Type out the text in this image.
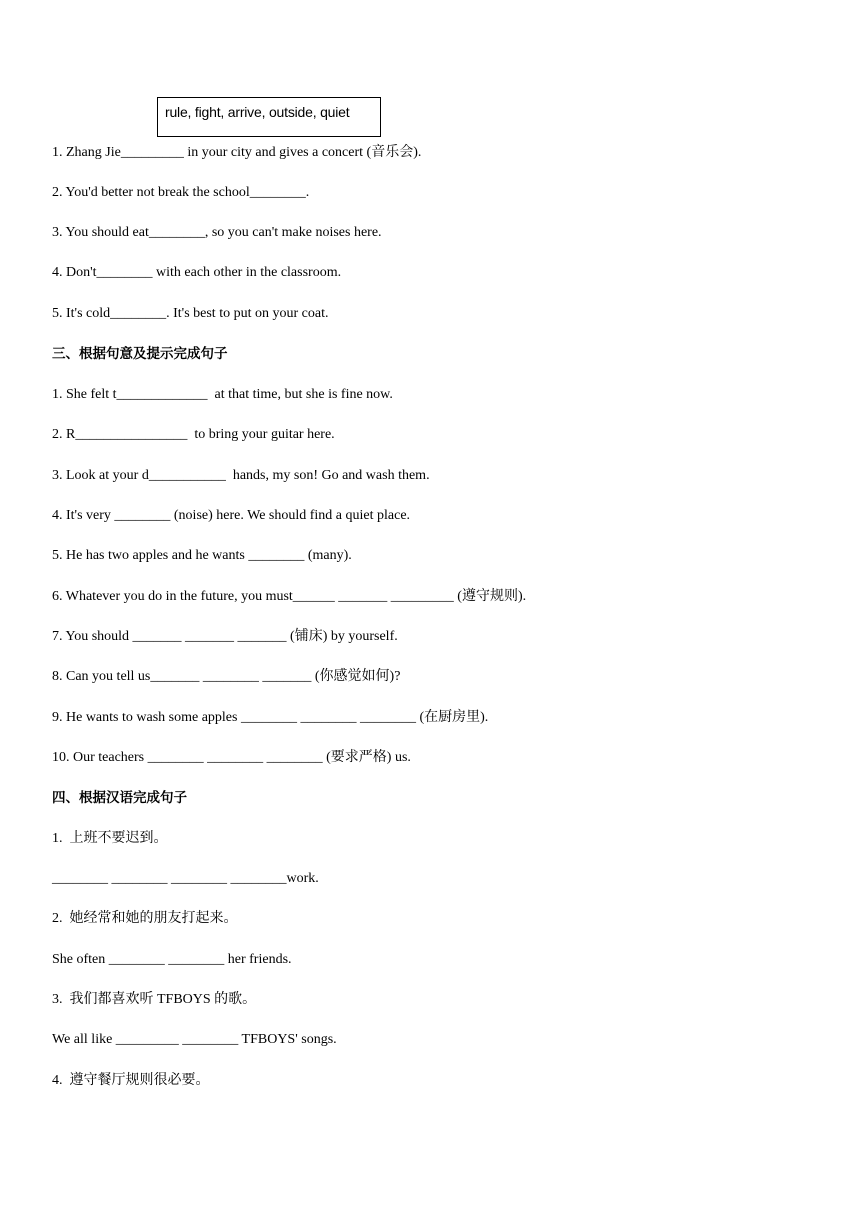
rule, fight, arrive, outside, quiet
1. Zhang Jie_________ in your city and gives a concert (音乐会).
2. You'd better not break the school________.
3. You should eat________, so you can't make noises here.
4. Don't________ with each other in the classroom.
5. It's cold________. It's best to put on your coat.
三、根据句意及提示完成句子
1. She felt t_____________  at that time, but she is fine now.
2. R________________  to bring your guitar here.
3. Look at your d___________  hands, my son! Go and wash them.
4. It's very ________ (noise) here. We should find a quiet place.
5. He has two apples and he wants ________ (many).
6. Whatever you do in the future, you must______ _______ _________ (遵守规则).
7. You should _______ _______ _______ (铺床) by yourself.
8. Can you tell us_______ ________ _______ (你感觉如何)?
9. He wants to wash some apples ________ ________ ________ (在厨房里).
10. Our teachers ________ ________ ________ (要求严格) us.
四、根据汉语完成句子
1.  上班不要迟到。
________ ________ ________ ________work.
2.  她经常和她的朋友打起来。
She often ________ ________ her friends.
3.  我们都喜欢听 TFBOYS 的歌。
We all like _________ ________ TFBOYS' songs.
4.  遵守餐厅规则很必要。
